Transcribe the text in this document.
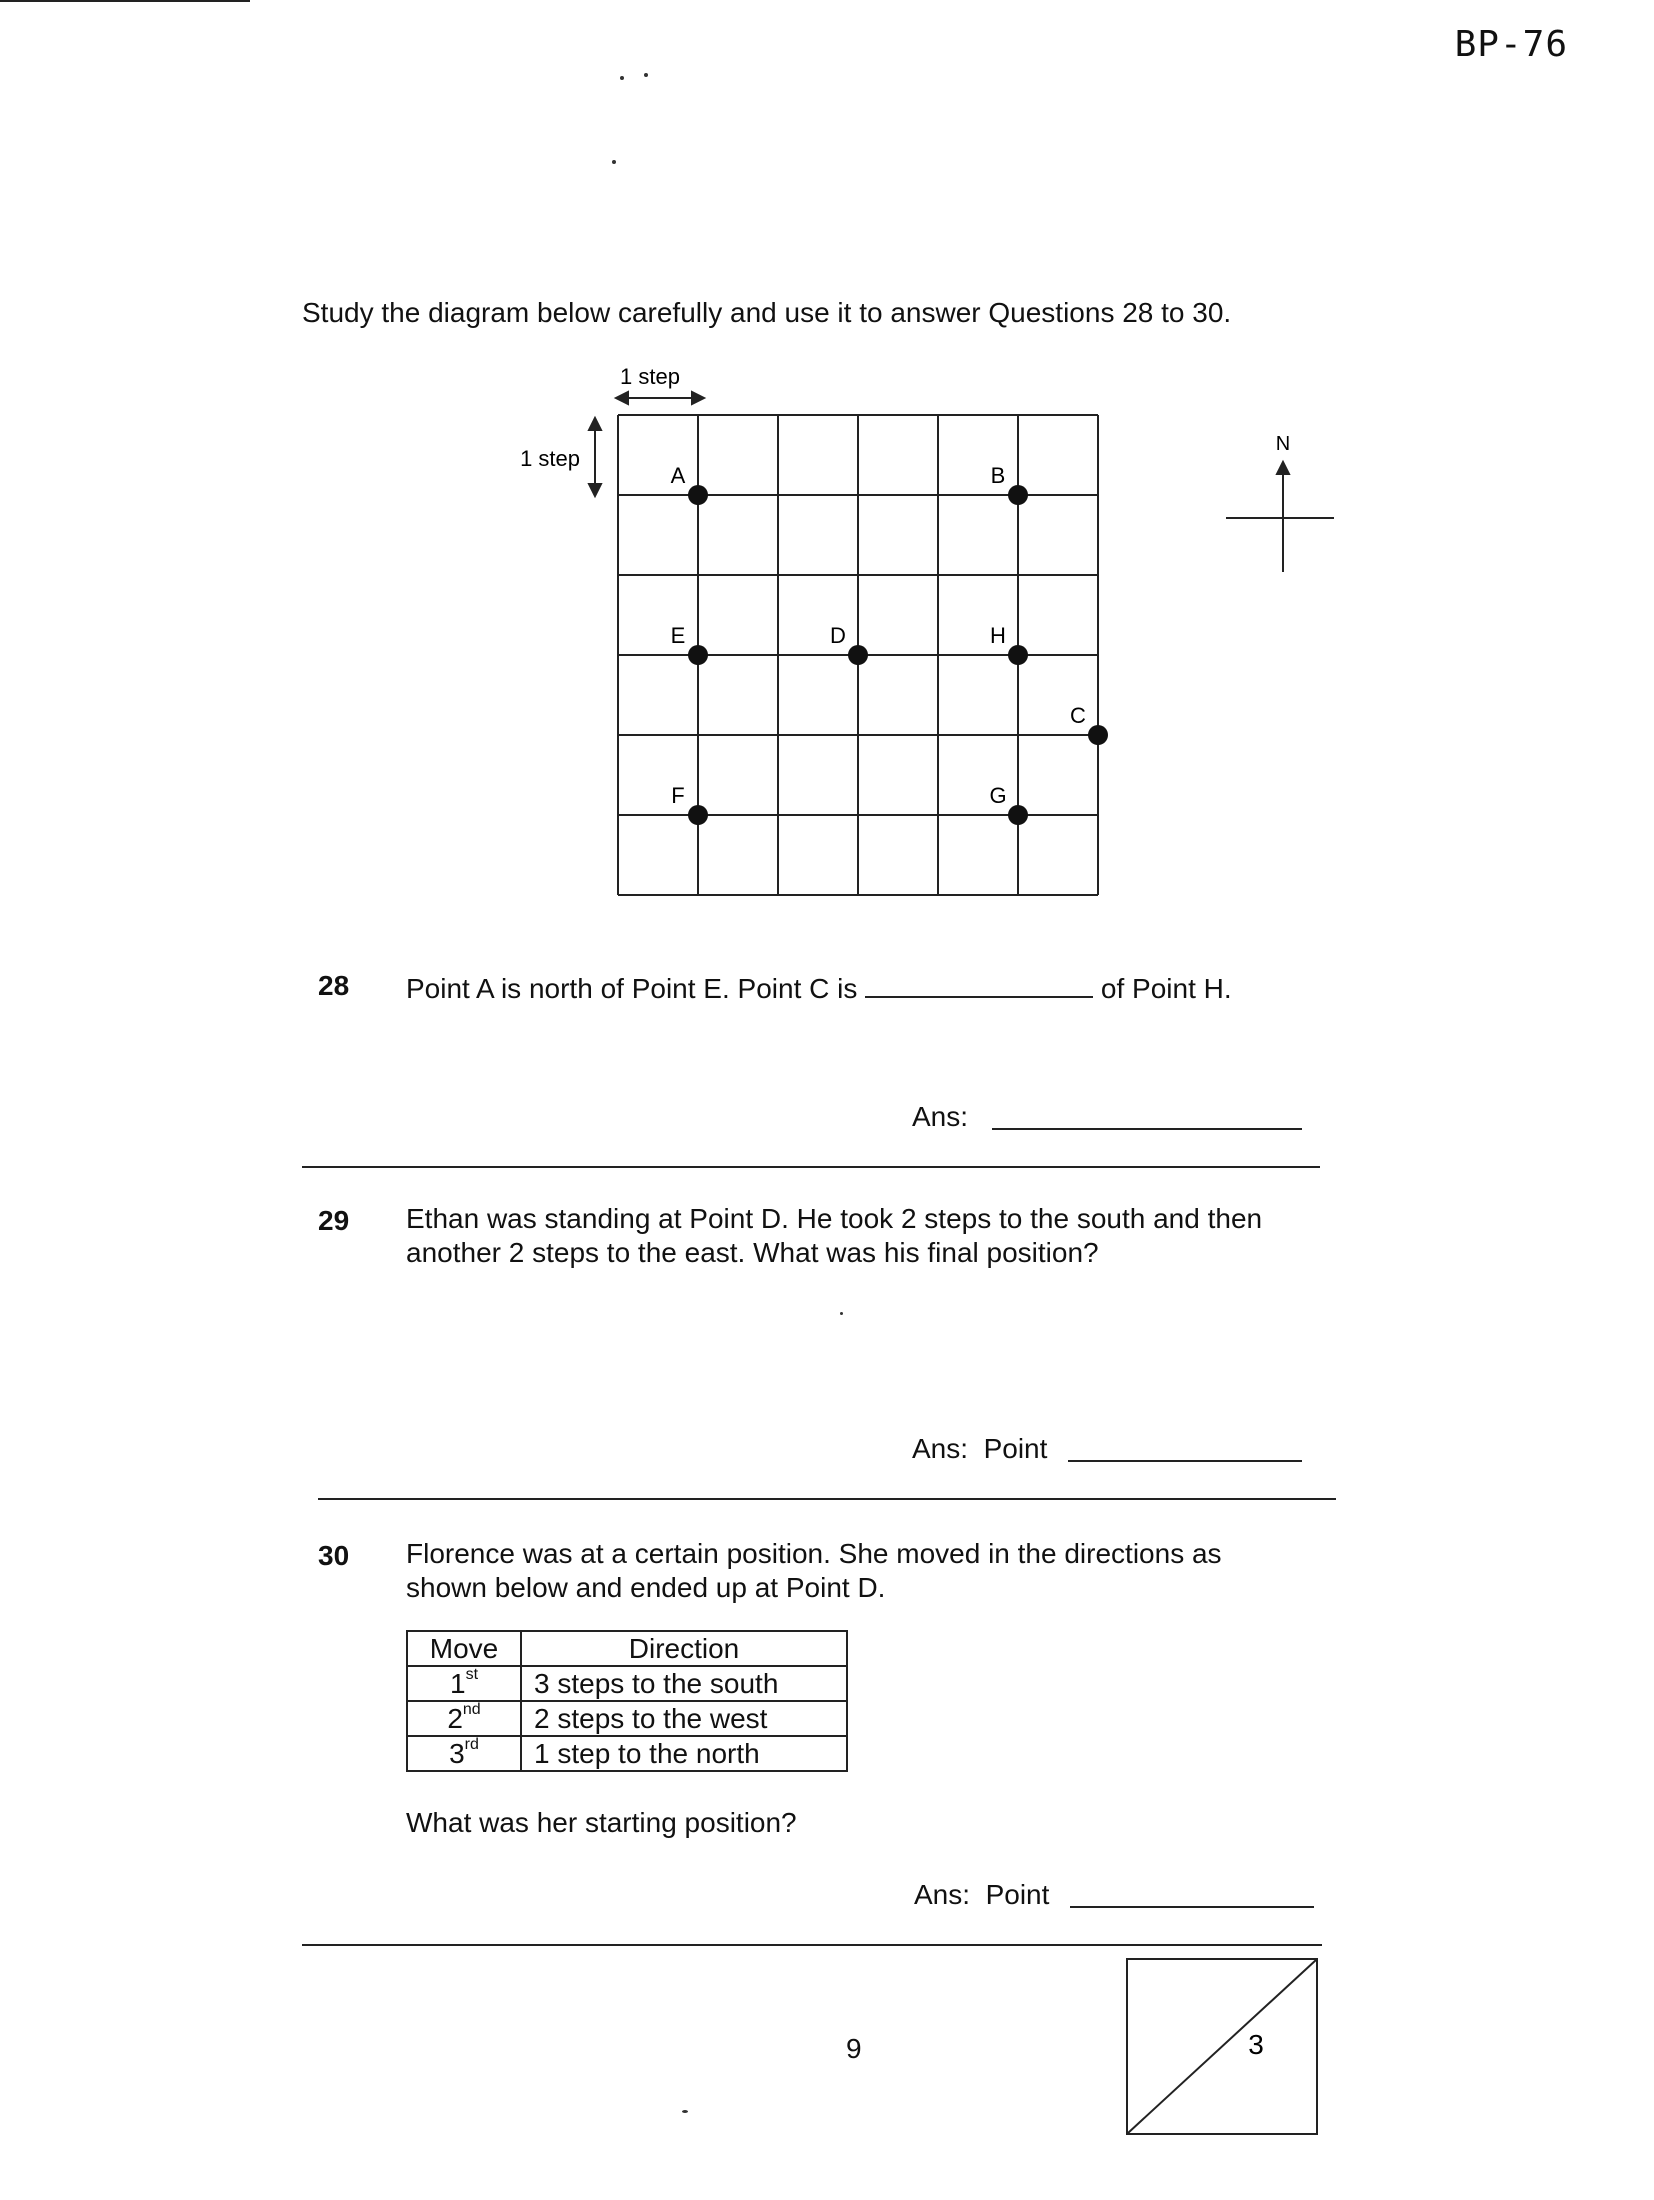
BP-76
Study the diagram below carefully and use it to answer Questions 28 to 30.
1 step
1 step
N
A	B
E	D	H
C
F	G
28 Point A is north of Point E. Point C is	of Point H.
Ans:
29 Ethan was standing at Point D. He took 2 steps to the south and then
another 2 steps to the east. What was his final position?
Ans:  Point
30 Florence was at a certain position. She moved in the directions as
shown below and ended up at Point D.
Move	Direction
1st	3 steps to the south
2nd	2 steps to the west
3rd	1 step to the north
What was her starting position?
Ans:  Point
9	3
